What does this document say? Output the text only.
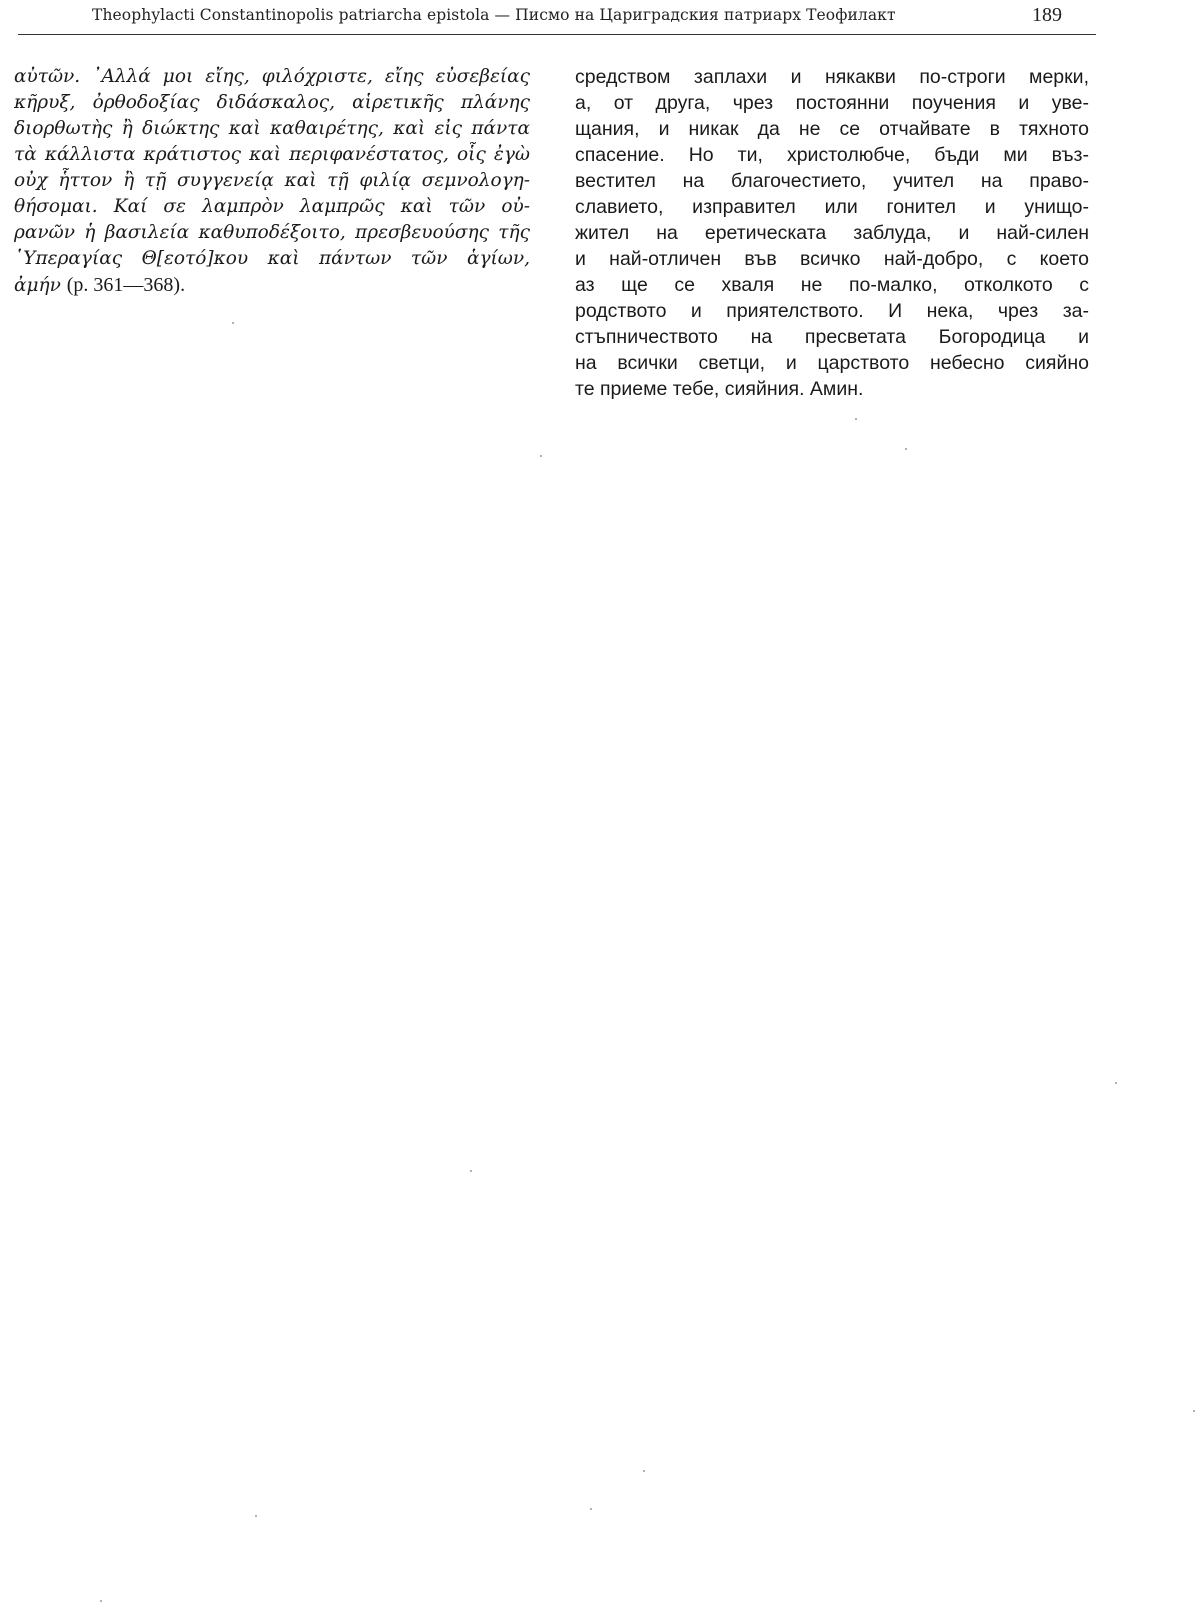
Theophylacti Constantinopolis patriarcha epistola — Писмо на Цариградския патриарх Теофилакт	189
αὐτῶν. ᾽Αλλά μοι εἴης, φιλόχριστε, εἴης εὐσεβείας
κῆρυξ, ὀρθοδοξίας διδάσκαλος, αἱρετικῆς πλάνης
διορθωτὴς ἢ διώκτης καὶ καθαιρέτης, καὶ εἰς πάντα
τὰ κάλλιστα κράτιστος καὶ περιφανέστατος, οἷς ἐγὼ
οὐχ ἧττον ἢ τῇ συγγενείᾳ καὶ τῇ φιλίᾳ σεμνολογη-
θήσομαι. Καί σε λαμπρὸν λαμπρῶς καὶ τῶν οὐ-
ρανῶν ἡ βασιλεία καθυποδέξοιτο, πρεσβευούσης τῆς
῾Υπεραγίας Θ[εοτό]κου καὶ πάντων τῶν ἁγίων,
ἀμήν (p. 361—368).
средством заплахи и някакви по-строги мерки,
а, от друга, чрез постоянни поучения и уве-
щания, и никак да не се отчайвате в тяхното
спасение. Но ти, христолюбче, бъди ми въз-
вестител на благочестието, учител на право-
славието, изправител или гонител и унищо-
жител на еретическата заблуда, и най-силен
и най-отличен във всичко най-добро, с което
аз ще се хваля не по-малко, отколкото с
родството и приятелството. И нека, чрез за-
стъпничеството на пресветата Богородица и
на всички светци, и царството небесно сияйно
те приеме тебе, сияйния. Амин.
